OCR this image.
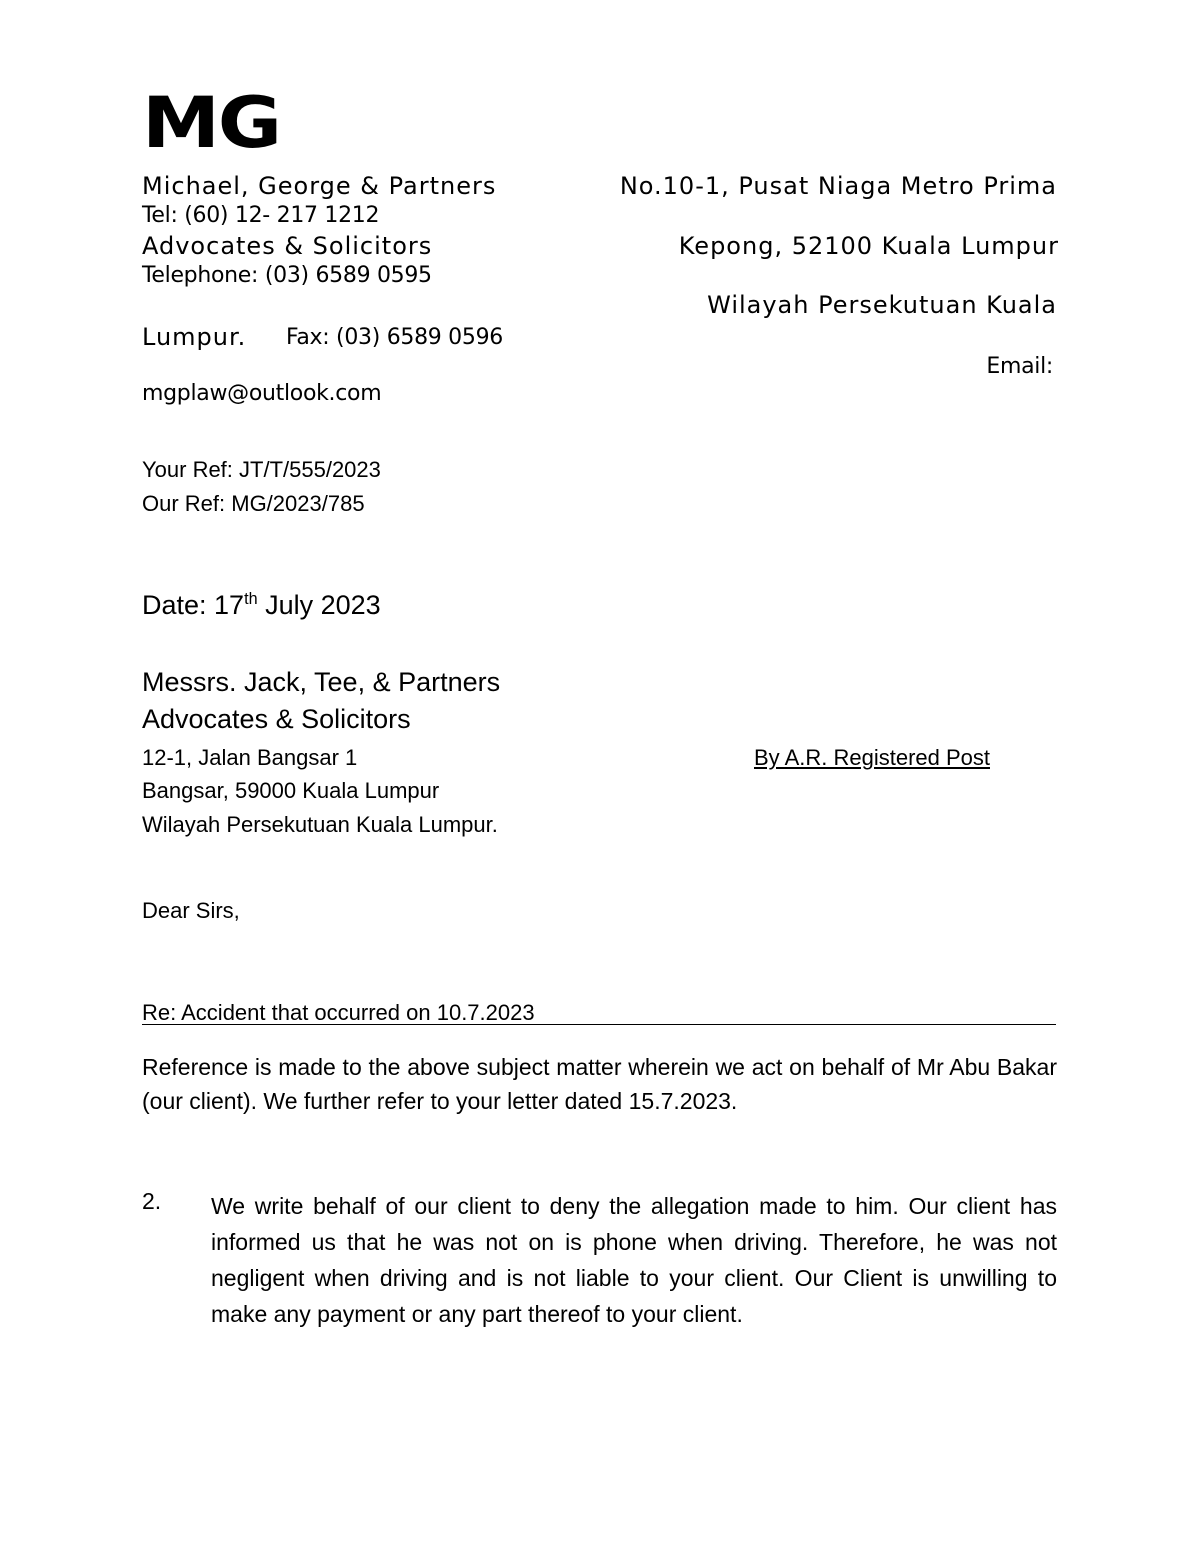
MG
Michael, George & Partners
Tel: (60) 12- 217 1212
Advocates & Solicitors
Telephone: (03) 6589 0595
Lumpur. Fax: (03) 6589 0596
mgplaw@outlook.com
No.10-1, Pusat Niaga Metro Prima
Kepong, 52100 Kuala Lumpur
Wilayah Persekutuan Kuala
Email:
Your Ref: JT/T/555/2023
Our Ref: MG/2023/785
Date: 17th July 2023
Messrs. Jack, Tee, & Partners
Advocates & Solicitors
12-1, Jalan Bangsar 1
Bangsar, 59000 Kuala Lumpur
Wilayah Persekutuan Kuala Lumpur.
By A.R. Registered Post
Dear Sirs,
Re: Accident that occurred on 10.7.2023
Reference is made to the above subject matter wherein we act on behalf of Mr Abu Bakar (our client). We further refer to your letter dated 15.7.2023.
2. We write behalf of our client to deny the allegation made to him. Our client has informed us that he was not on is phone when driving. Therefore, he was not negligent when driving and is not liable to your client. Our Client is unwilling to make any payment or any part thereof to your client.
